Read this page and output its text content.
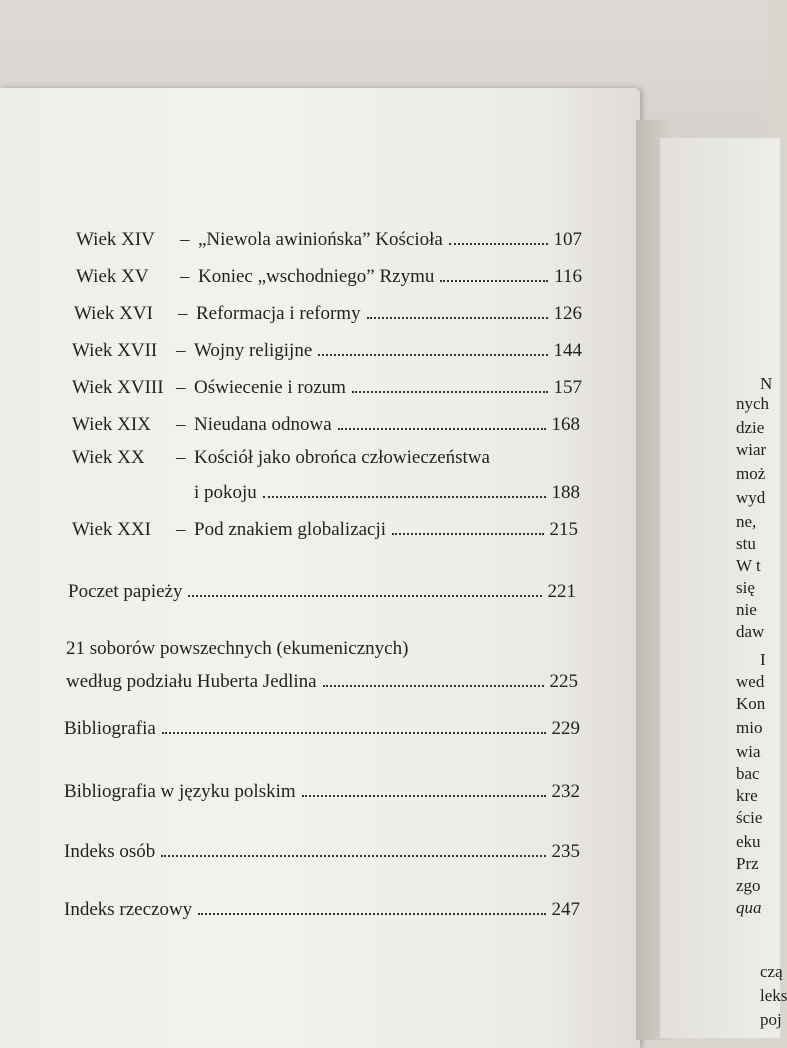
N
nych
dzie
wiar
moż
wyd
ne,
stu
W t
się
nie
daw
I
wed
Kon
mio
wia
bac
kre
ście
eku
Prz
zgo
qua
czą
leks
poj
Wiek XIV	– „Niewola awiniońska” Kościoła	107
Wiek XV	– Koniec „wschodniego” Rzymu	116
Wiek XVI	– Reformacja i reformy	126
Wiek XVII – Wojny religijne	144
Wiek XVIII – Oświecenie i rozum	157
Wiek XIX	– Nieudana odnowa	168
Wiek XX	– Kościół jako obrońca człowieczeństwa
i pokoju	188
Wiek XXI	– Pod znakiem globalizacji	215
Poczet papieży	221
21 soborów powszechnych (ekumenicznych)
według podziału Huberta Jedlina	225
Bibliografia	229
Bibliografia w języku polskim	232
Indeks osób	235
Indeks rzeczowy	247
